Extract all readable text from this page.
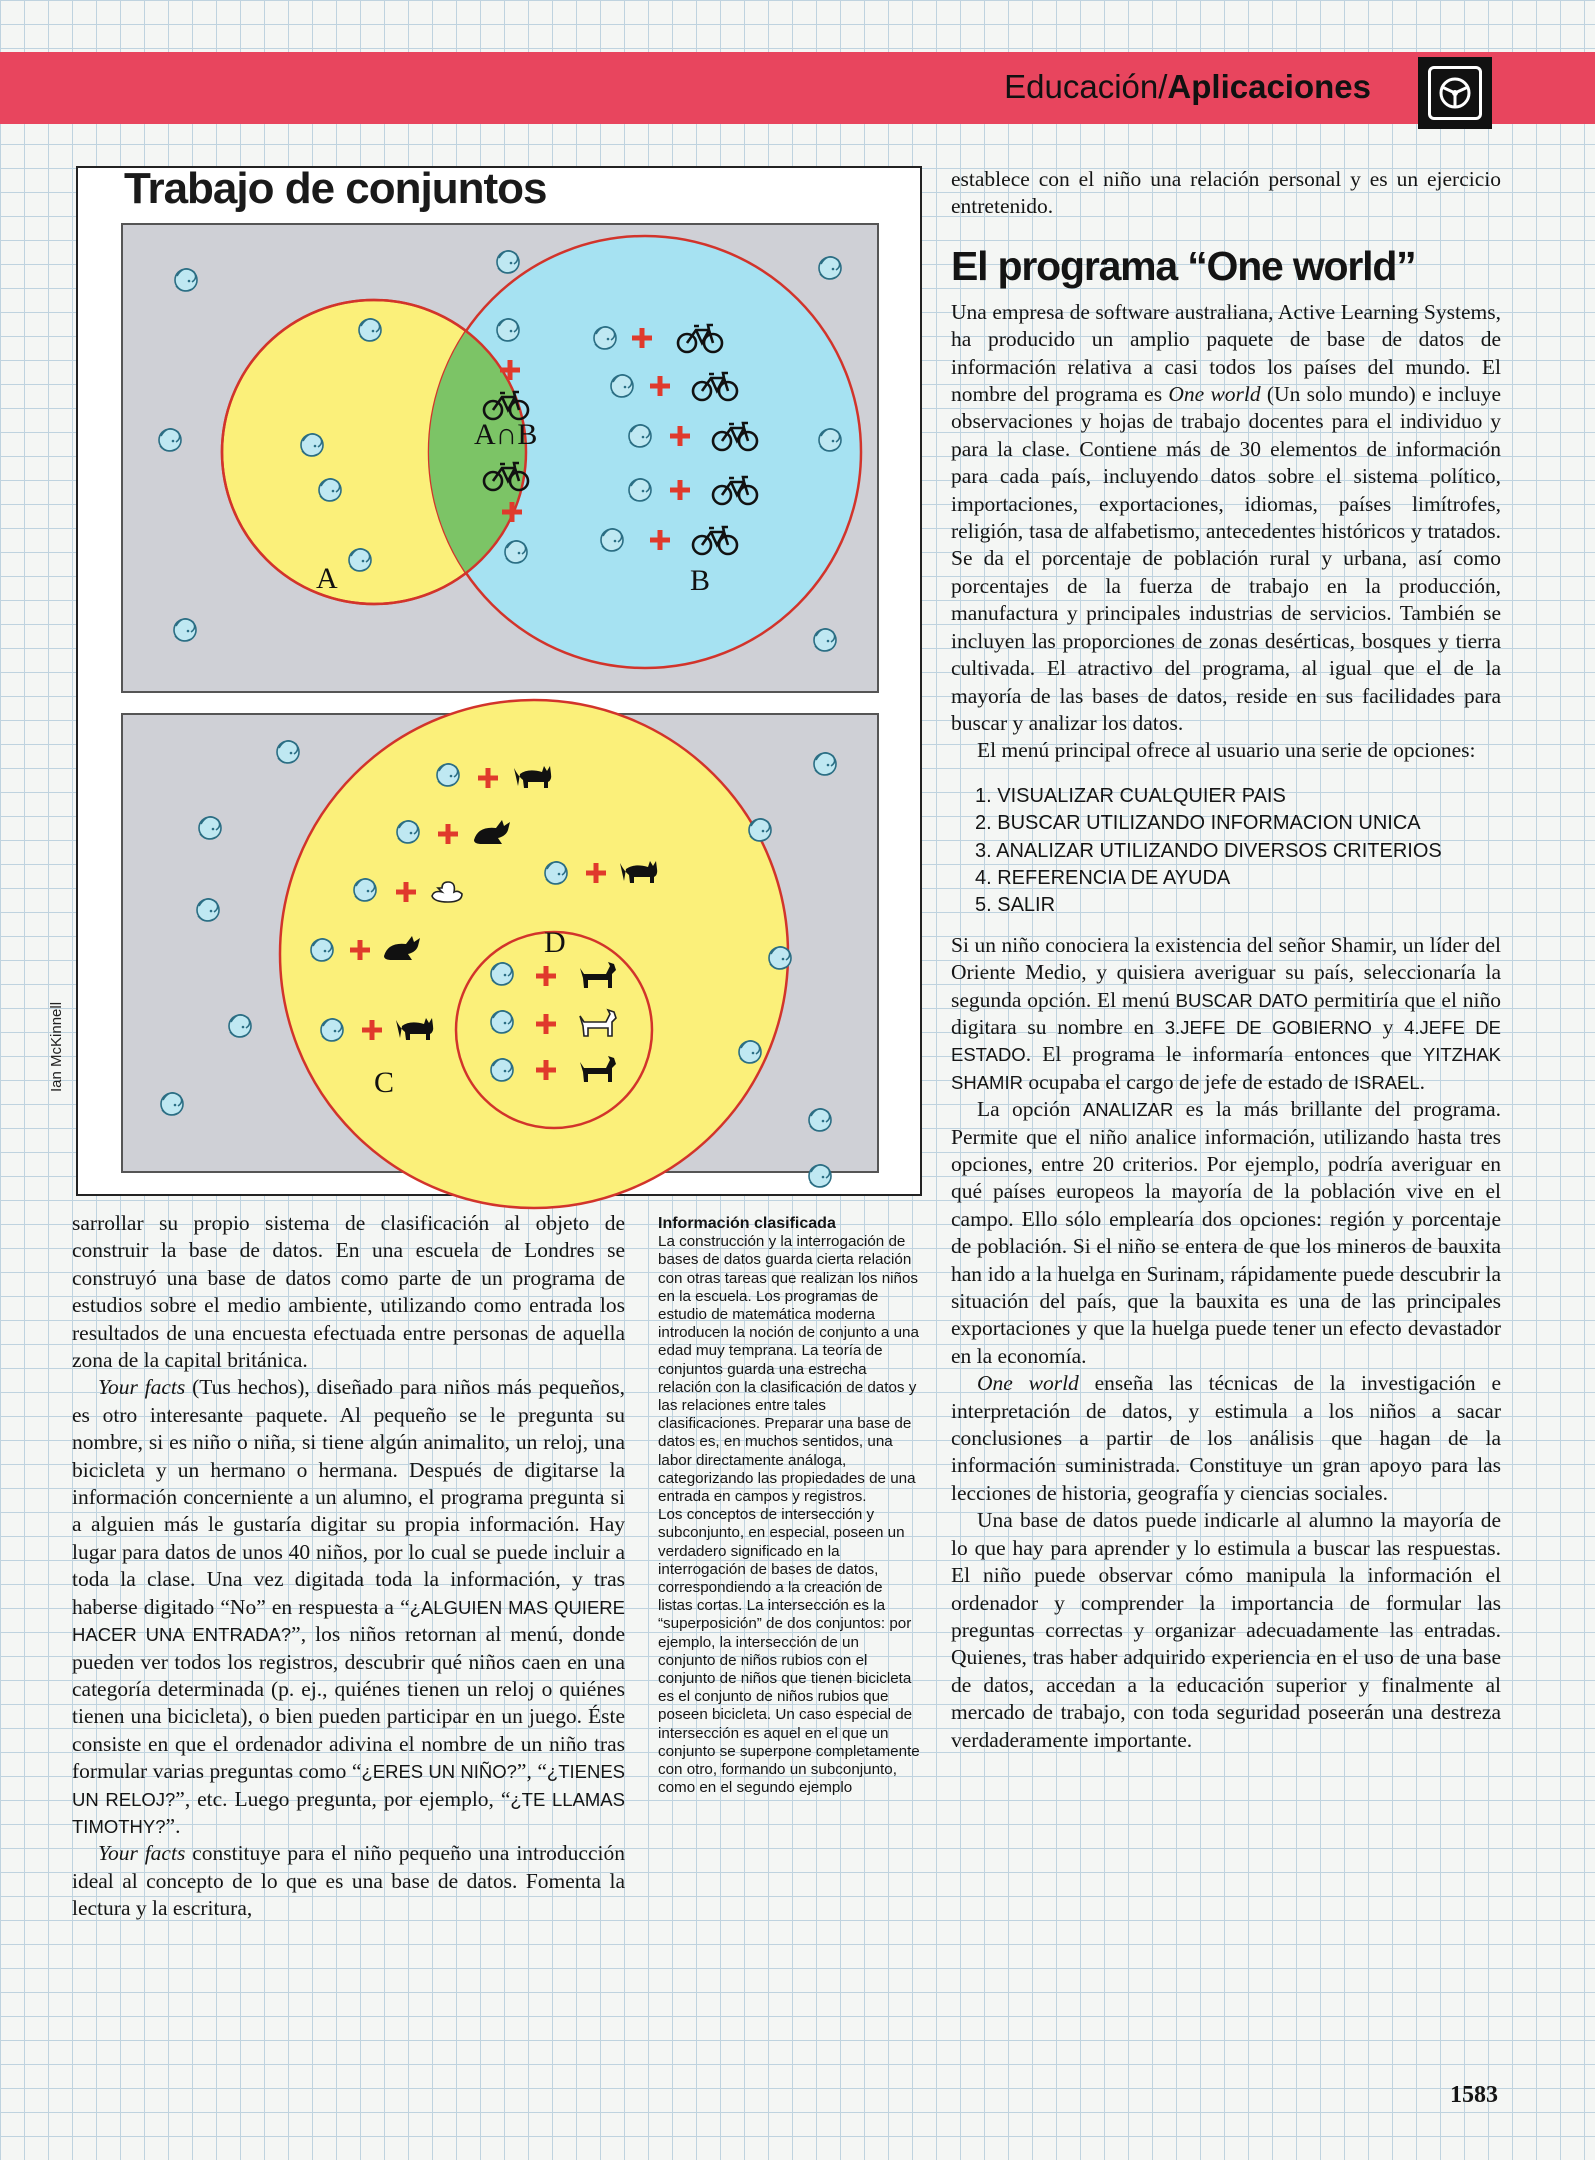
Educación/Aplicaciones
Trabajo de conjuntos
Ian McKinnell
A∩B
A	B
D
C

sarrollar su propio sistema de clasificación al objeto de construir la base de datos. En una escuela de Londres se construyó una base de datos como parte de un programa de estudios sobre el medio ambiente, utilizando como entrada los resultados de una encuesta efectuada entre personas de aquella zona de la capital británica.

Your facts (Tus hechos), diseñado para niños más pequeños, es otro interesante paquete. Al pequeño se le pregunta su nombre, si es niño o niña, si tiene algún animalito, un reloj, una bicicleta y un hermano o hermana. Después de digitarse la información concerniente a un alumno, el programa pregunta si a alguien más le gustaría digitar su propia información. Hay lugar para datos de unos 40 niños, por lo cual se puede incluir a toda la clase. Una vez digitada toda la información, y tras haberse digitado “No” en respuesta a “¿ALGUIEN MAS QUIERE HACER UNA ENTRADA?”, los niños retornan al menú, donde pueden ver todos los registros, descubrir qué niños caen en una categoría determinada (p. ej., quiénes tienen un reloj o quiénes tienen una bicicleta), o bien pueden participar en un juego. Éste consiste en que el ordenador adivina el nombre de un niño tras formular varias preguntas como “¿ERES UN NIÑO?”, “¿TIENES UN RELOJ?”, etc. Luego pregunta, por ejemplo, “¿TE LLAMAS TIMOTHY?”.

Your facts constituye para el niño pequeño una introducción ideal al concepto de lo que es una base de datos. Fomenta la lectura y la escritura,

Información clasificada
La construcción y la interrogación de bases de datos guarda cierta relación con otras tareas que realizan los niños en la escuela. Los programas de estudio de matemática moderna introducen la noción de conjunto a una edad muy temprana. La teoría de conjuntos guarda una estrecha relación con la clasificación de datos y las relaciones entre tales clasificaciones. Preparar una base de datos es, en muchos sentidos, una labor directamente análoga, categorizando las propiedades de una entrada en campos y registros.
Los conceptos de intersección y subconjunto, en especial, poseen un verdadero significado en la interrogación de bases de datos, correspondiendo a la creación de listas cortas. La intersección es la “superposición” de dos conjuntos: por ejemplo, la intersección de un conjunto de niños rubios con el conjunto de niños que tienen bicicleta es el conjunto de niños rubios que poseen bicicleta. Un caso especial de intersección es aquel en el que un conjunto se superpone completamente con otro, formando un subconjunto, como en el segundo ejemplo

establece con el niño una relación personal y es un ejercicio entretenido.

El programa “One world”

Una empresa de software australiana, Active Learning Systems, ha producido un amplio paquete de base de datos de información relativa a casi todos los países del mundo. El nombre del programa es One world (Un solo mundo) e incluye observaciones y hojas de trabajo docentes para el individuo y para la clase. Contiene más de 30 elementos de información para cada país, incluyendo datos sobre el sistema político, importaciones, exportaciones, idiomas, países limítrofes, religión, tasa de alfabetismo, antecedentes históricos y tratados. Se da el porcentaje de población rural y urbana, así como porcentajes de la fuerza de trabajo en la producción, manufactura y principales industrias de servicios. También se incluyen las proporciones de zonas desérticas, bosques y tierra cultivada. El atractivo del programa, al igual que el de la mayoría de las bases de datos, reside en sus facilidades para buscar y analizar los datos.

El menú principal ofrece al usuario una serie de opciones:

1. VISUALIZAR CUALQUIER PAIS
2. BUSCAR UTILIZANDO INFORMACION UNICA
3. ANALIZAR UTILIZANDO DIVERSOS CRITERIOS
4. REFERENCIA DE AYUDA
5. SALIR

Si un niño conociera la existencia del señor Shamir, un líder del Oriente Medio, y quisiera averiguar su país, seleccionaría la segunda opción. El menú BUSCAR DATO permitiría que el niño digitara su nombre en 3.JEFE DE GOBIERNO y 4.JEFE DE ESTADO. El programa le informaría entonces que YITZHAK SHAMIR ocupaba el cargo de jefe de estado de ISRAEL.

La opción ANALIZAR es la más brillante del programa. Permite que el niño analice información, utilizando hasta tres opciones, entre 20 criterios. Por ejemplo, podría averiguar en qué países europeos la mayoría de la población vive en el campo. Ello sólo emplearía dos opciones: región y porcentaje de población. Si el niño se entera de que los mineros de bauxita han ido a la huelga en Surinam, rápidamente puede descubrir la situación del país, que la bauxita es una de las principales exportaciones y que la huelga puede tener un efecto devastador en la economía.

One world enseña las técnicas de la investigación e interpretación de datos, y estimula a los niños a sacar conclusiones a partir de los análisis que hagan de la información suministrada. Constituye un gran apoyo para las lecciones de historia, geografía y ciencias sociales.

Una base de datos puede indicarle al alumno la mayoría de lo que hay para aprender y lo estimula a buscar las respuestas. El niño puede observar cómo manipula la información el ordenador y comprender la importancia de formular las preguntas correctas y organizar adecuadamente las entradas. Quienes, tras haber adquirido experiencia en el uso de una base de datos, accedan a la educación superior y finalmente al mercado de trabajo, con toda seguridad poseerán una destreza verdaderamente importante.

1583
